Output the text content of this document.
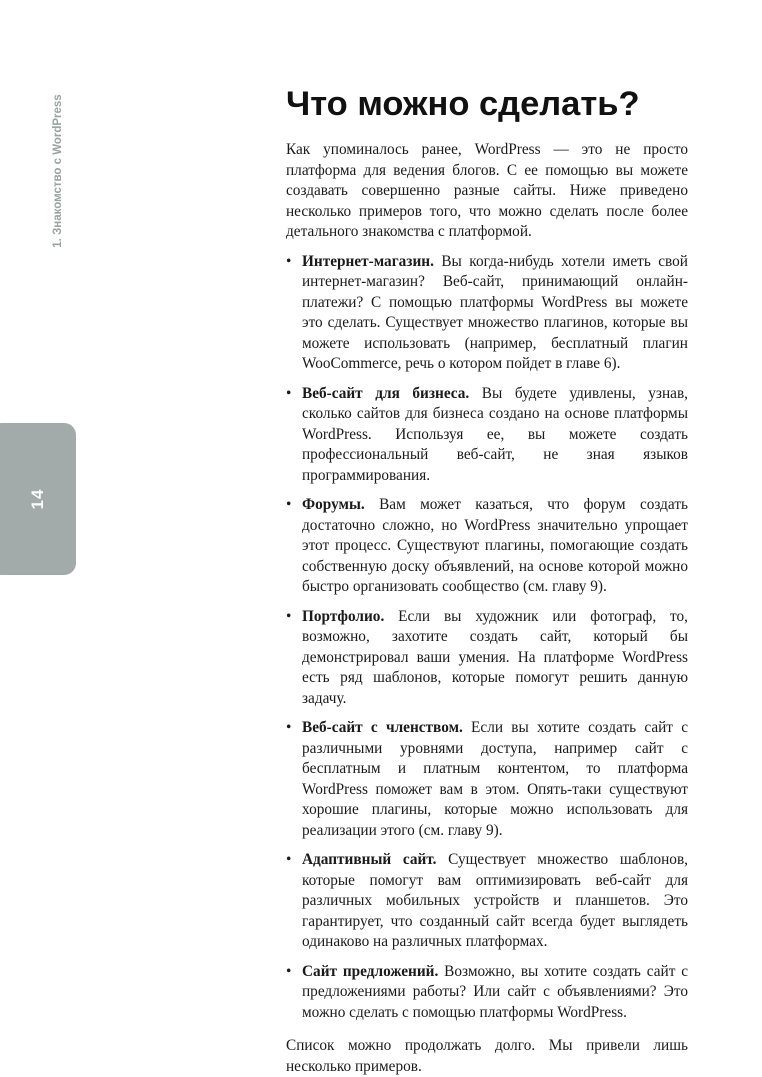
1. Знакомство с WordPress
14
Что можно сделать?

Как упоминалось ранее, WordPress — это не просто платформа для ведения блогов. С ее помощью вы можете создавать совершенно разные сайты. Ниже приведено несколько примеров того, что можно сделать после более детального знакомства с платформой.

• Интернет-магазин. Вы когда-нибудь хотели иметь свой интернет-магазин? Веб-сайт, принимающий онлайн-платежи? С помощью платформы WordPress вы можете это сделать. Существует множество плагинов, которые вы можете использовать (например, бесплатный плагин WooCommerce, речь о котором пойдет в главе 6).
• Веб-сайт для бизнеса. Вы будете удивлены, узнав, сколько сайтов для бизнеса создано на основе платформы WordPress. Используя ее, вы можете создать профессиональный веб-сайт, не зная языков программирования.
• Форумы. Вам может казаться, что форум создать достаточно сложно, но WordPress значительно упрощает этот процесс. Существуют плагины, помогающие создать собственную доску объявлений, на основе которой можно быстро организовать сообщество (см. главу 9).
• Портфолио. Если вы художник или фотограф, то, возможно, захотите создать сайт, который бы демонстрировал ваши умения. На платформе WordPress есть ряд шаблонов, которые помогут решить данную задачу.
• Веб-сайт с членством. Если вы хотите создать сайт с различными уровнями доступа, например сайт с бесплатным и платным контентом, то платформа WordPress поможет вам в этом. Опять-таки существуют хорошие плагины, которые можно использовать для реализации этого (см. главу 9).
• Адаптивный сайт. Существует множество шаблонов, которые помогут вам оптимизировать веб-сайт для различных мобильных устройств и планшетов. Это гарантирует, что созданный сайт всегда будет выглядеть одинаково на различных платформах.
• Сайт предложений. Возможно, вы хотите создать сайт с предложениями работы? Или сайт с объявлениями? Это можно сделать с помощью платформы WordPress.

Список можно продолжать долго. Мы привели лишь несколько примеров.
